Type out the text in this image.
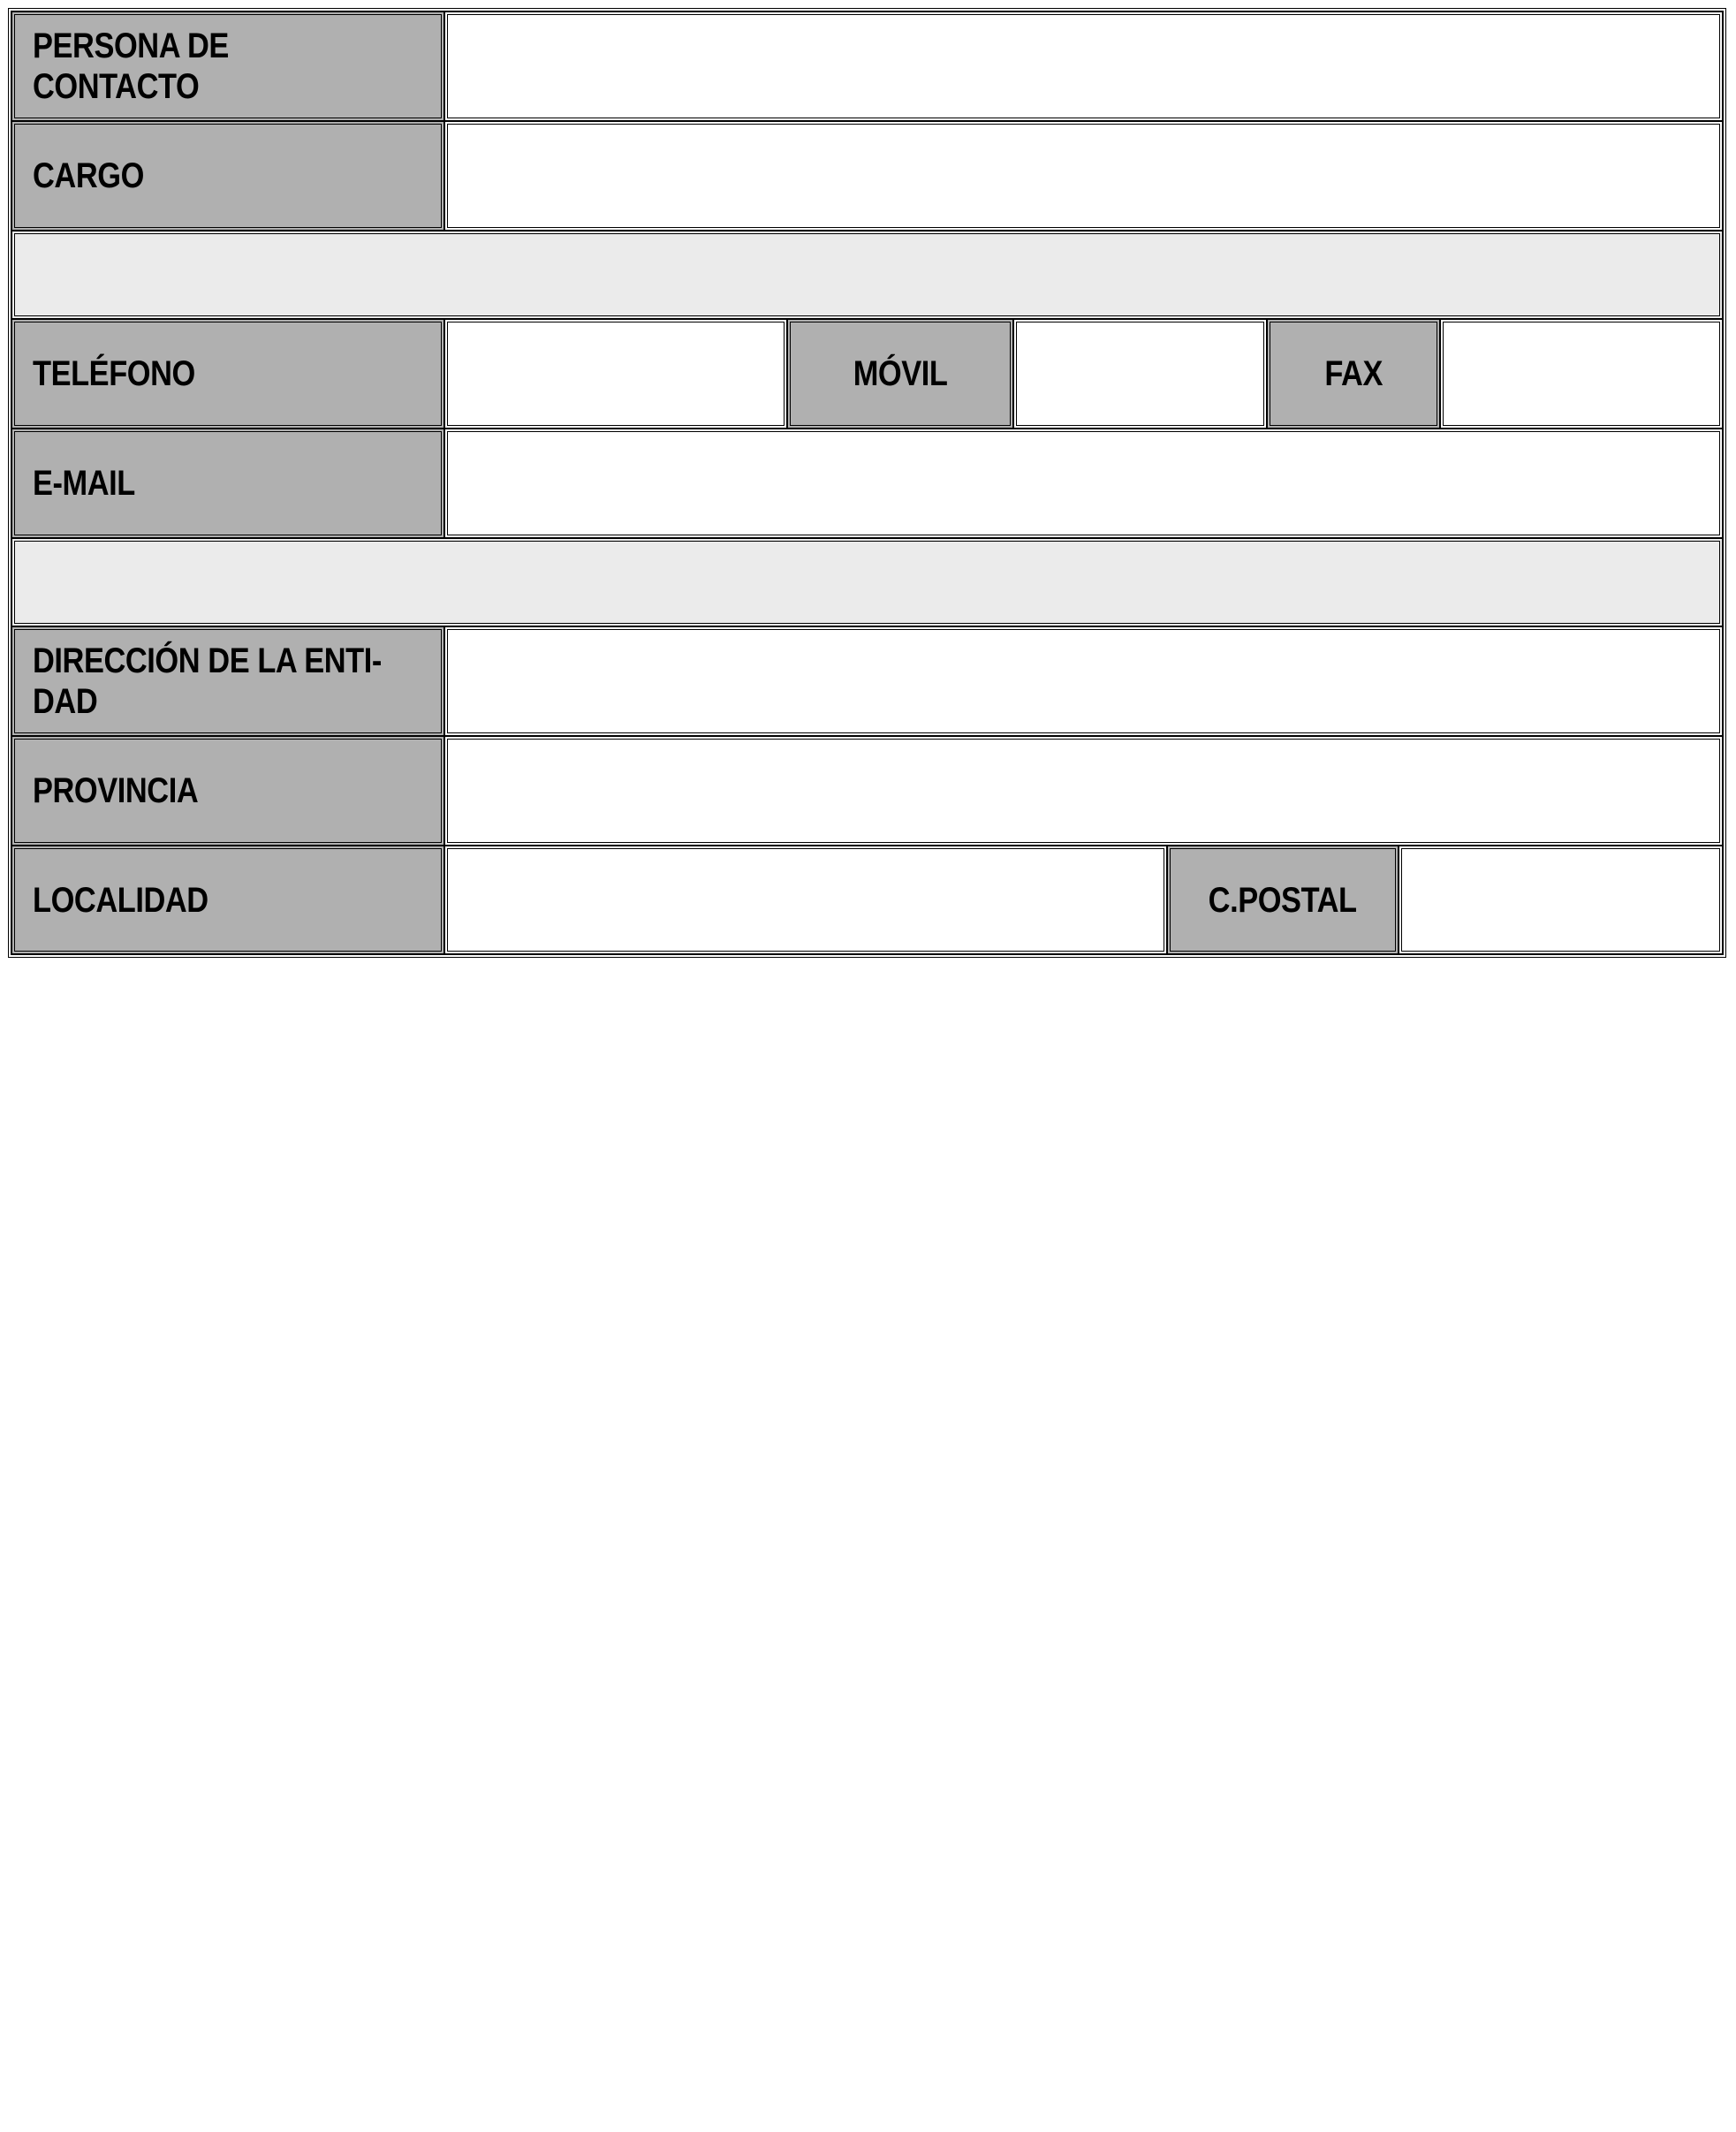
PERSONA DE CONTACTO
CARGO
TELÉFONO	MÓVIL	FAX
E-MAIL
DIRECCIÓN DE LA ENTI-
DAD
PROVINCIA
LOCALIDAD	C.POSTAL
